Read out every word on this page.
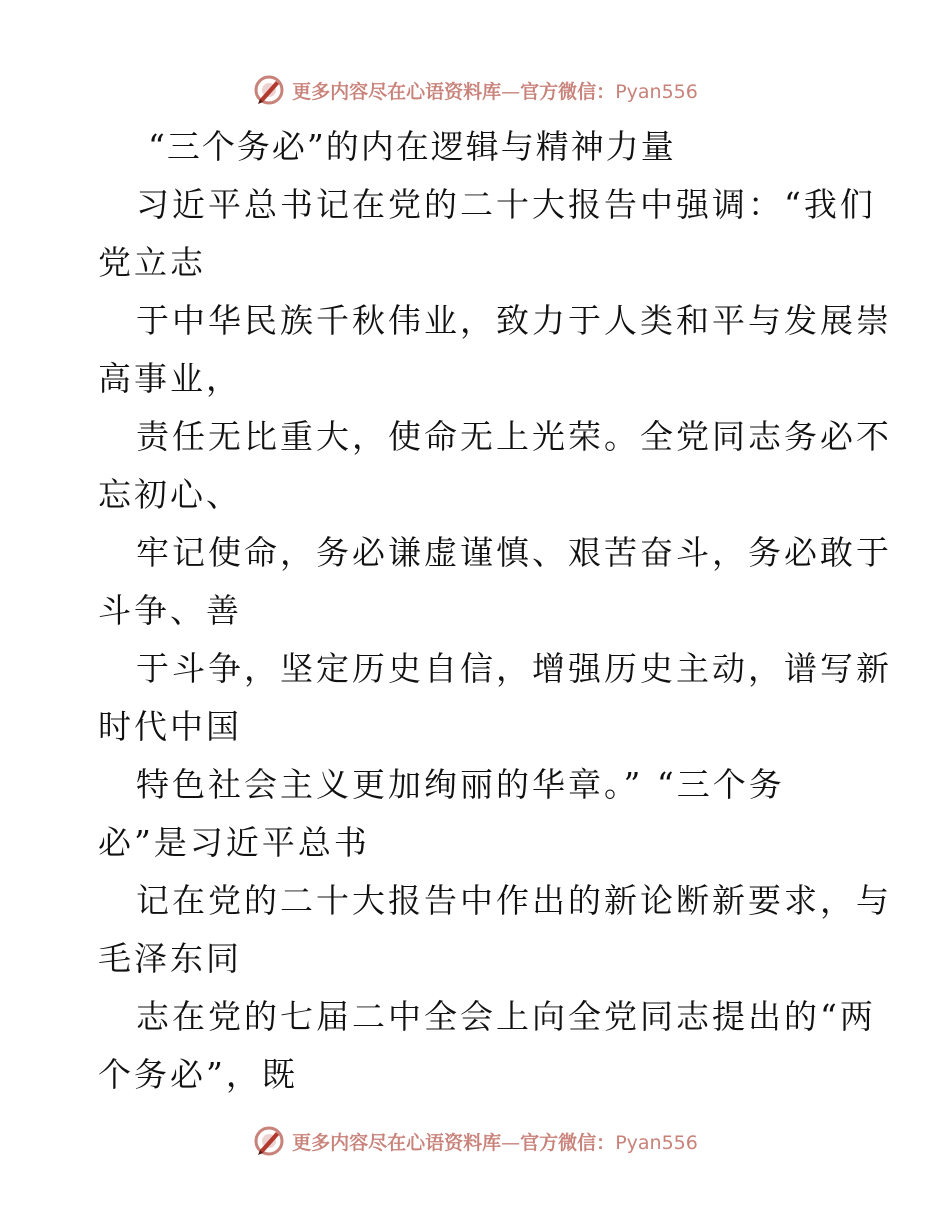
更多内容尽在心语资料库—官方微信：Pyan556
“三个务必”的内在逻辑与精神力量
习近平总书记在党的二十大报告中强调：“我们
党立志
于中华民族千秋伟业，致力于人类和平与发展崇
高事业，
责任无比重大，使命无上光荣。全党同志务必不
忘初心、
牢记使命，务必谦虚谨慎、艰苦奋斗，务必敢于
斗争、善
于斗争，坚定历史自信，增强历史主动，谱写新
时代中国
特色社会主义更加绚丽的华章。” “三个务
必”是习近平总书
记在党的二十大报告中作出的新论断新要求，与
毛泽东同
志在党的七届二中全会上向全党同志提出的“两
个务必”，既
更多内容尽在心语资料库—官方微信：Pyan556
